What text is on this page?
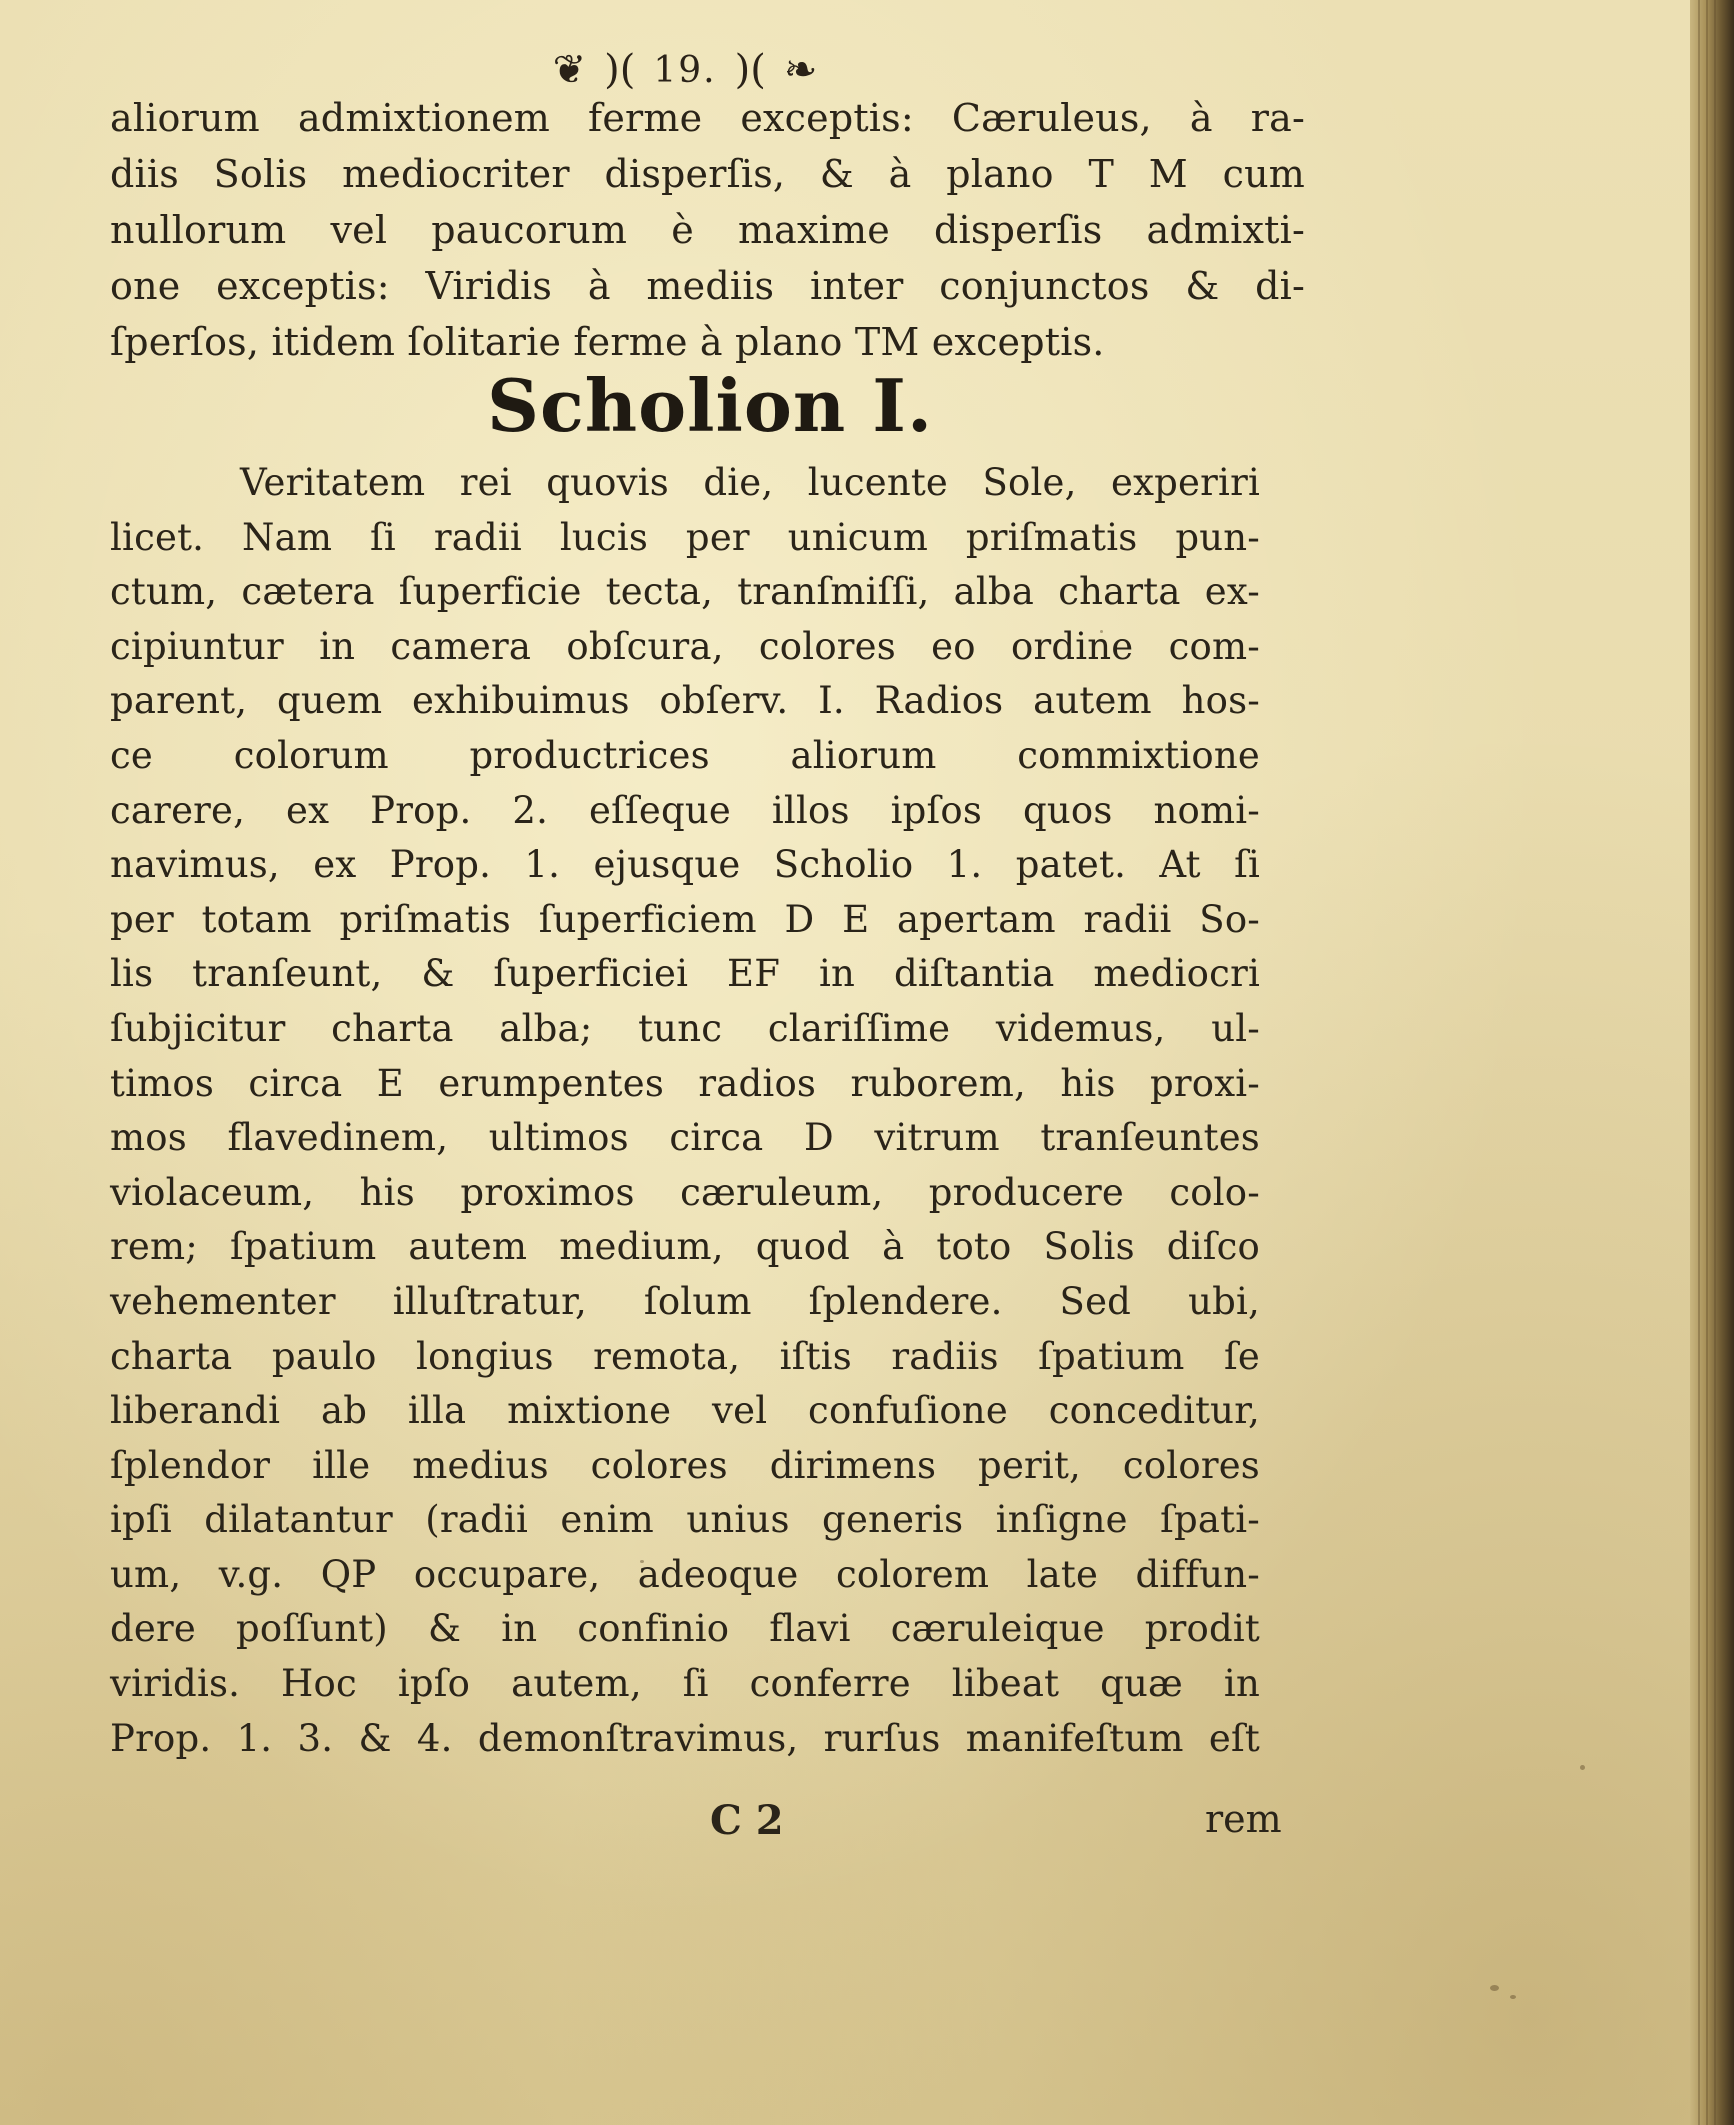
❦ )( 19. )( ❧
aliorum admixtionem ferme exceptis: Cæruleus, à ra-
diis Solis mediocriter disperſis, & à plano T M cum
nullorum vel paucorum è maxime disperſis admixti-
one exceptis: Viridis à mediis inter conjunctos & di-
ſperſos, itidem ſolitarie ferme à plano TM exceptis.
Scholion I.
Veritatem rei quovis die, lucente Sole, experiri
licet. Nam ſi radii lucis per unicum priſmatis pun-
ctum, cætera ſuperficie tecta, tranſmiſſi, alba charta ex-
cipiuntur in camera obſcura, colores eo ordine com-
parent, quem exhibuimus obſerv. I. Radios autem hos-
ce colorum productrices aliorum commixtione
carere, ex Prop. 2. eſſeque illos ipſos quos nomi-
navimus, ex Prop. 1. ejusque Scholio 1. patet. At ſi
per totam priſmatis ſuperficiem D E apertam radii So-
lis tranſeunt, & ſuperficiei EF in diſtantia mediocri
ſubjicitur charta alba; tunc clariſſime videmus, ul-
timos circa E erumpentes radios ruborem, his proxi-
mos flavedinem, ultimos circa D vitrum tranſeuntes
violaceum, his proximos cæruleum, producere colo-
rem; ſpatium autem medium, quod à toto Solis diſco
vehementer illuſtratur, ſolum ſplendere. Sed ubi,
charta paulo longius remota, iſtis radiis ſpatium ſe
liberandi ab illa mixtione vel confuſione conceditur,
ſplendor ille medius colores dirimens perit, colores
ipſi dilatantur (radii enim unius generis inſigne ſpati-
um, v.g. QP occupare, adeoque colorem late diffun-
dere poſſunt) & in confinio flavi cæruleique prodit
viridis. Hoc ipſo autem, ſi conferre libeat quæ in
Prop. 1. 3. & 4. demonſtravimus, rurſus manifeſtum eſt
C 2	rem
